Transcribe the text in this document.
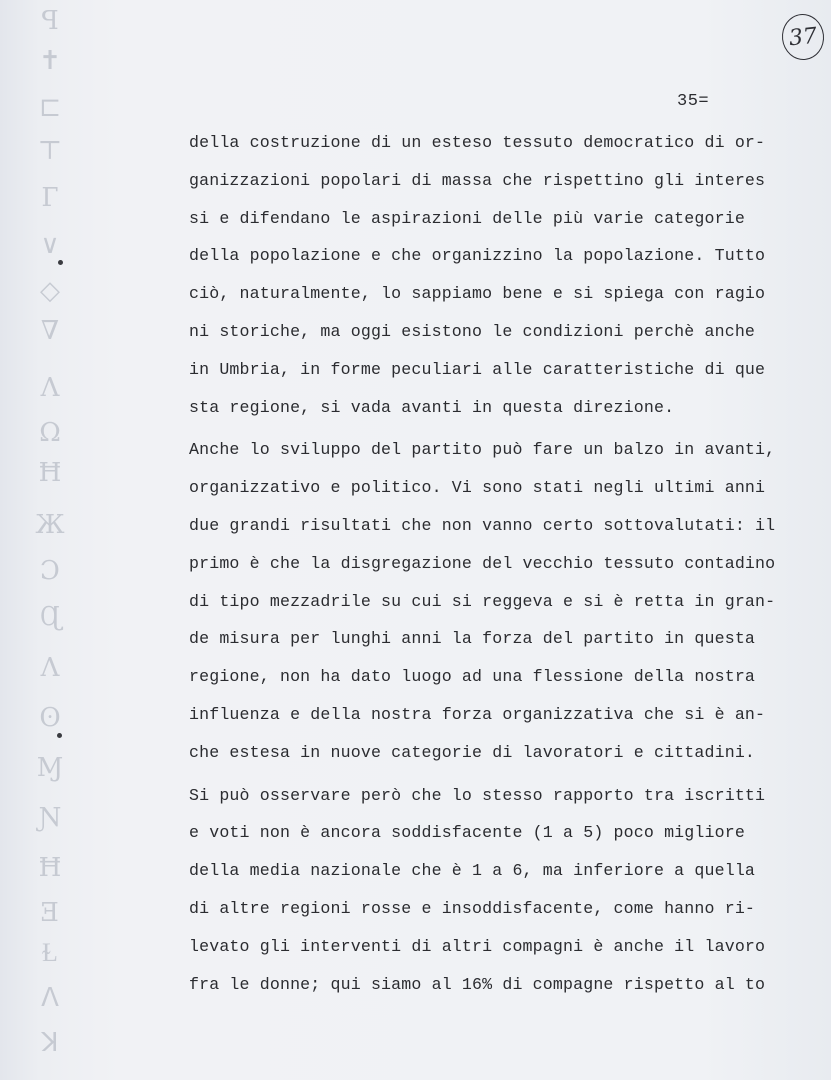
ꟼ
✝
⊏
⊤
Г
∨
◇
∇
Λ
Ω
Ħ
Ж
Ɔ
Ɋ
Λ
ʘ
Ɱ
Ɲ
Ħ
Ǝ
Ɫ
ⴷ
ꓘ
37
35=
della costruzione di un esteso tessuto democratico di or-
ganizzazioni popolari di massa che rispettino gli interes
si e difendano le aspirazioni delle più varie categorie
della popolazione e che organizzino la popolazione. Tutto
ciò, naturalmente, lo sappiamo bene e si spiega con ragio
ni storiche, ma oggi esistono le condizioni perchè anche
in Umbria, in forme peculiari alle caratteristiche di que
sta regione, si vada avanti in questa direzione.
Anche lo sviluppo del partito può fare un balzo in avanti,
organizzativo e politico. Vi sono stati negli ultimi anni
due grandi risultati che non vanno certo sottovalutati: il
primo è che la disgregazione del vecchio tessuto contadino
di tipo mezzadrile su cui si reggeva e si è retta in gran-
de misura per lunghi anni la forza del partito in questa
regione, non ha dato luogo ad una flessione della nostra
influenza e della nostra forza organizzativa che si è an-
che estesa in nuove categorie di lavoratori e cittadini.
Si può osservare però che lo stesso rapporto tra iscritti
e voti non è ancora soddisfacente (1 a 5) poco migliore
della media nazionale che è 1 a 6, ma inferiore a quella
di altre regioni rosse e insoddisfacente, come hanno ri-
levato gli interventi di altri compagni è anche il lavoro
fra le donne; qui siamo al 16% di compagne rispetto al to
